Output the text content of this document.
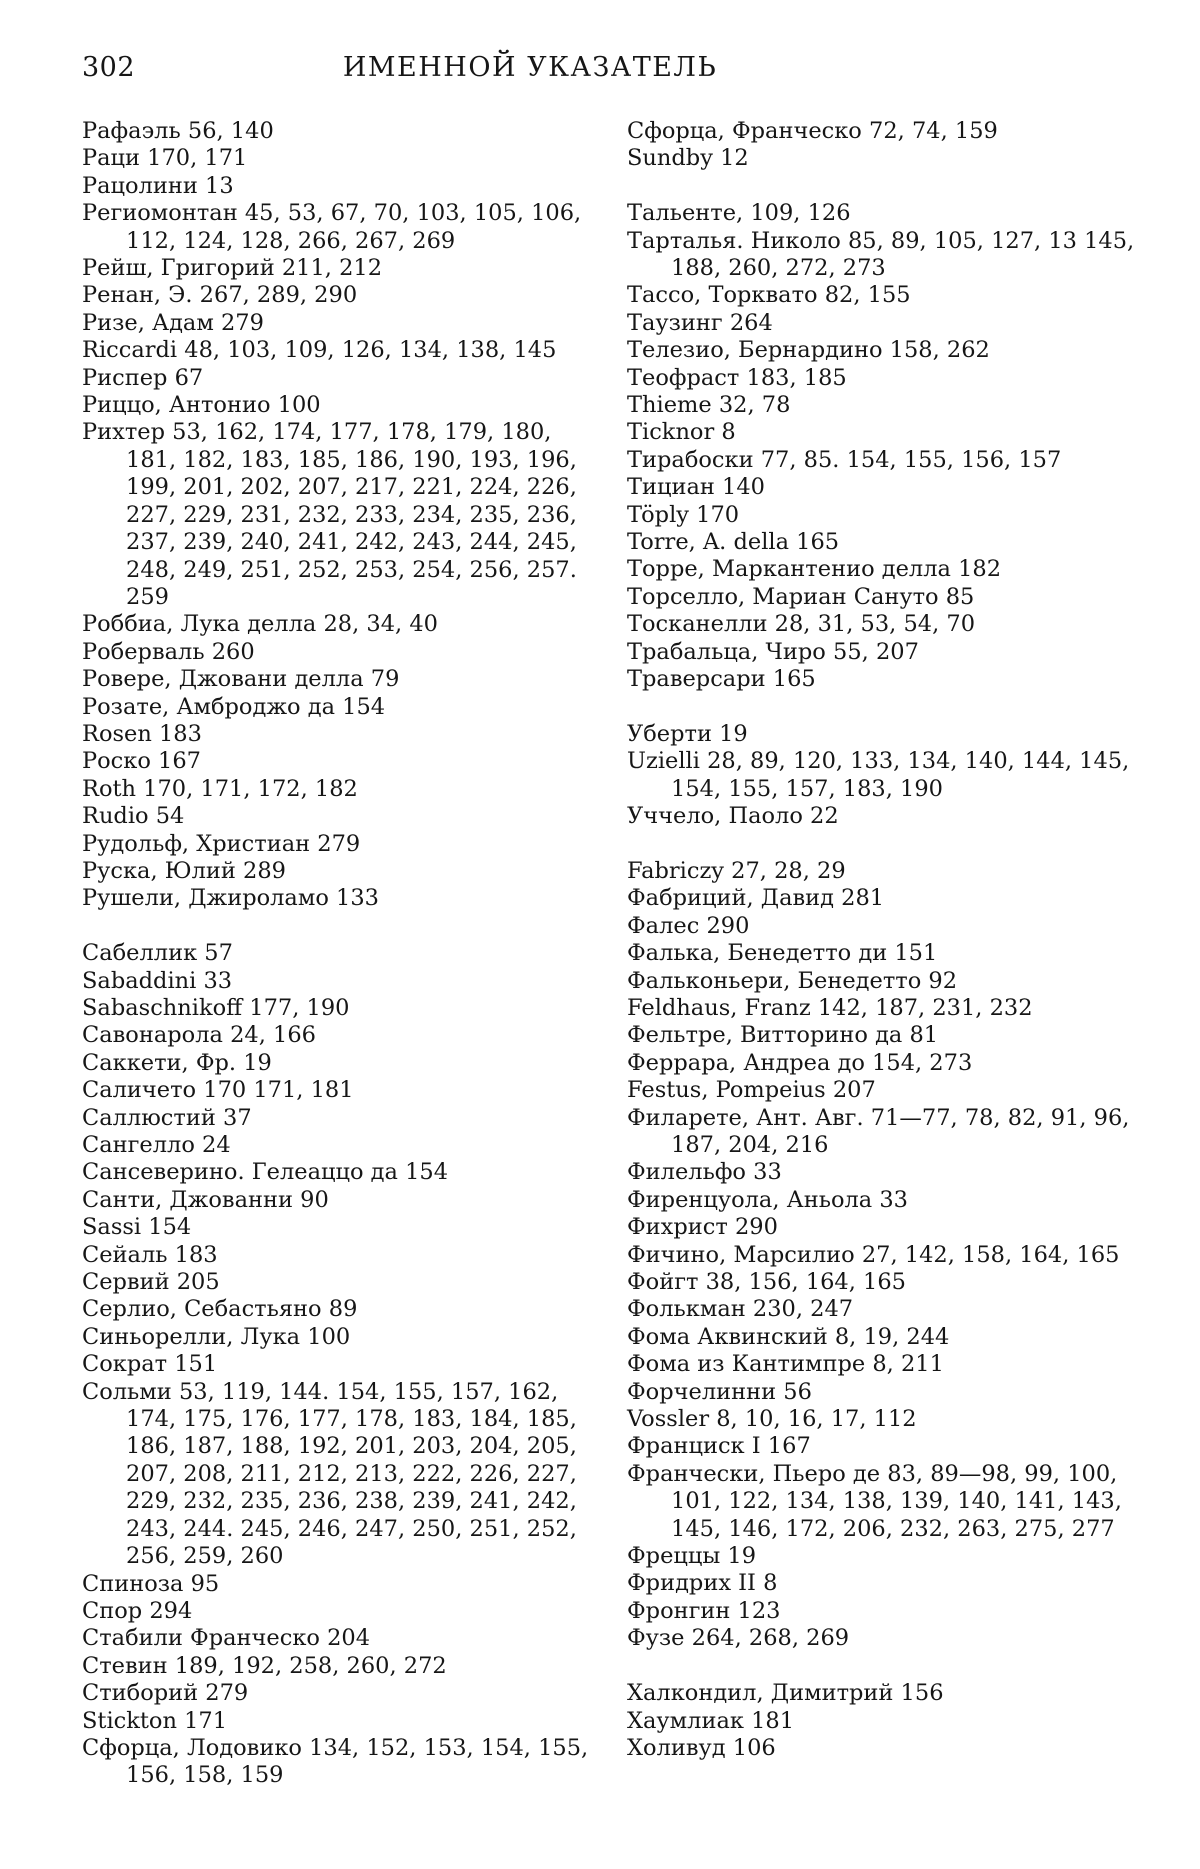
302	ИМЕННОЙ УКАЗАТЕЛЬ
Рафаэль 56, 140
Раци 170, 171
Рацолини 13
Региомонтан 45, 53, 67, 70, 103, 105, 106, 112, 124, 128, 266, 267, 269
Рейш, Григорий 211, 212
Ренан, Э. 267, 289, 290
Ризе, Адам 279
Riccardi 48, 103, 109, 126, 134, 138, 145
Риспер 67
Риццо, Антонио 100
Рихтер 53, 162, 174, 177, 178, 179, 180, 181, 182, 183, 185, 186, 190, 193, 196, 199, 201, 202, 207, 217, 221, 224, 226, 227, 229, 231, 232, 233, 234, 235, 236, 237, 239, 240, 241, 242, 243, 244, 245, 248, 249, 251, 252, 253, 254, 256, 257. 259
Роббиа, Лука делла 28, 34, 40
Роберваль 260
Ровере, Джовани делла 79
Розате, Амброджо да 154
Rosen 183
Роско 167
Roth 170, 171, 172, 182
Rudio 54
Рудольф, Христиан 279
Руска, Юлий 289
Рушели, Джироламо 133
Сабеллик 57
Sabaddini 33
Sabaschnikoff 177, 190
Савонарола 24, 166
Саккети, Фр. 19
Саличето 170 171, 181
Саллюстий 37
Сангелло 24
Сансеверино. Гелеаццо да 154
Санти, Джованни 90
Sassi 154
Сейаль 183
Сервий 205
Серлио, Себастьяно 89
Синьорелли, Лука 100
Сократ 151
Сольми 53, 119, 144. 154, 155, 157, 162, 174, 175, 176, 177, 178, 183, 184, 185, 186, 187, 188, 192, 201, 203, 204, 205, 207, 208, 211, 212, 213, 222, 226, 227, 229, 232, 235, 236, 238, 239, 241, 242, 243, 244. 245, 246, 247, 250, 251, 252, 256, 259, 260
Спиноза 95
Спор 294
Стабили Франческо 204
Стевин 189, 192, 258, 260, 272
Стиборий 279
Stickton 171
Сфорца, Лодовико 134, 152, 153, 154, 155, 156, 158, 159
Сфорца, Франческо 72, 74, 159
Sundby 12
Тальенте, 109, 126
Тарталья. Николо 85, 89, 105, 127, 13 145, 188, 260, 272, 273
Тассо, Торквато 82, 155
Таузинг 264
Телезио, Бернардино 158, 262
Теофраст 183, 185
Thieme 32, 78
Ticknor 8
Тирабоски 77, 85. 154, 155, 156, 157
Тициан 140
Töply 170
Torre, A. della 165
Торре, Маркантенио делла 182
Торселло, Мариан Сануто 85
Тосканелли 28, 31, 53, 54, 70
Трабальца, Чиро 55, 207
Траверсари 165
Уберти 19
Uzielli 28, 89, 120, 133, 134, 140, 144, 145, 154, 155, 157, 183, 190
Уччело, Паоло 22
Fabriczy 27, 28, 29
Фабриций, Давид 281
Фалес 290
Фалька, Бенедетто ди 151
Фальконьери, Бенедетто 92
Feldhaus, Franz 142, 187, 231, 232
Фельтре, Витторино да 81
Феррара, Андреа до 154, 273
Festus, Pompeius 207
Филарете, Ант. Авг. 71—77, 78, 82, 91, 96, 187, 204, 216
Филельфо 33
Фиренцуола, Аньола 33
Фихрист 290
Фичино, Марсилио 27, 142, 158, 164, 165
Фойгт 38, 156, 164, 165
Фолькман 230, 247
Фома Аквинский 8, 19, 244
Фома из Кантимпре 8, 211
Форчелинни 56
Vossler 8, 10, 16, 17, 112
Франциск I 167
Франчески, Пьеро де 83, 89—98, 99, 100, 101, 122, 134, 138, 139, 140, 141, 143, 145, 146, 172, 206, 232, 263, 275, 277
Фреццы 19
Фридрих II 8
Фронгин 123
Фузе 264, 268, 269
Халкондил, Димитрий 156
Хаумлиак 181
Холивуд 106
